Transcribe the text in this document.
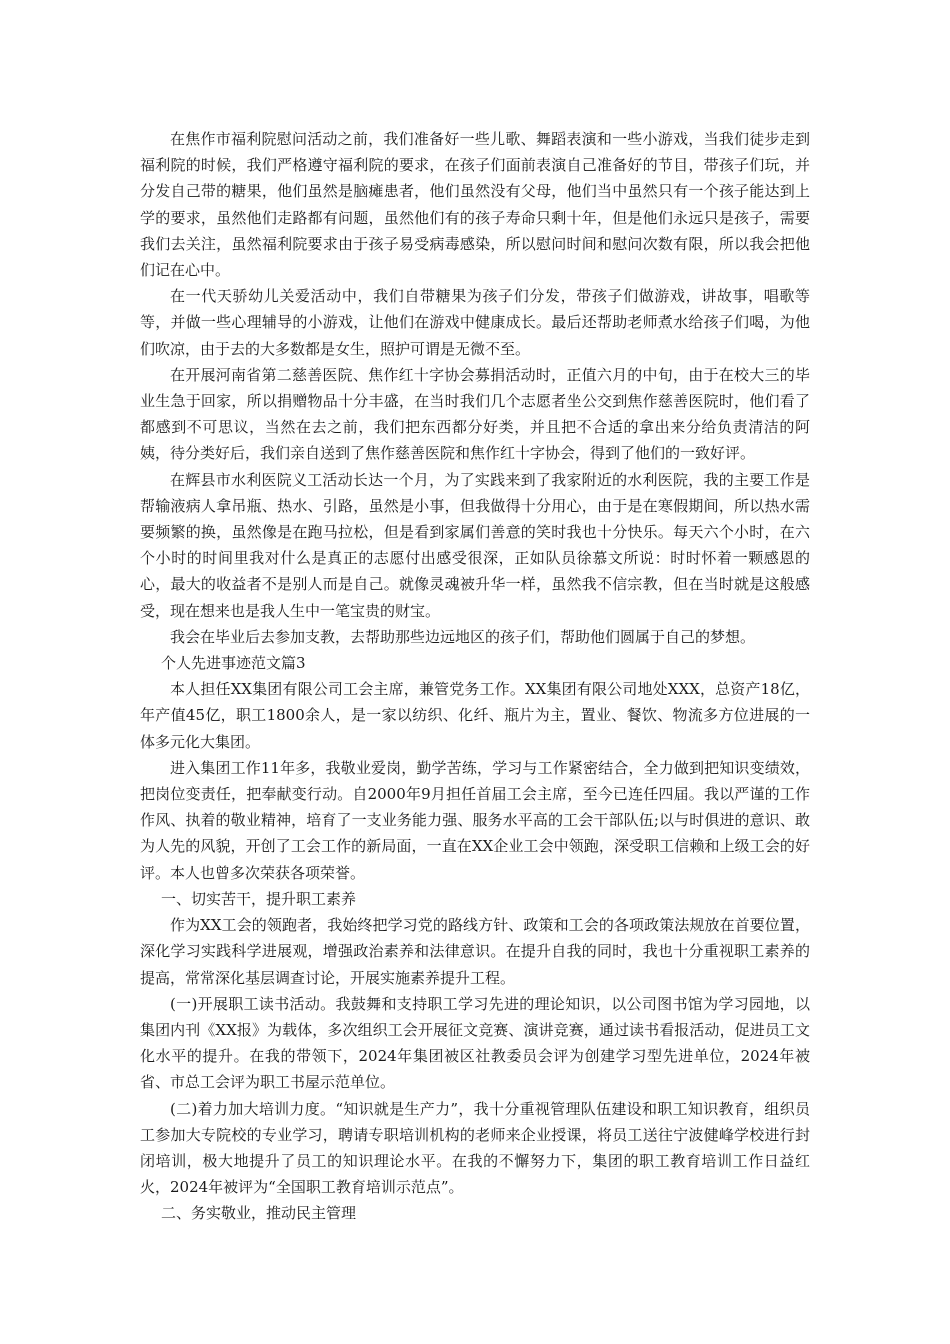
在焦作市福利院慰问活动之前，我们准备好一些儿歌、舞蹈表演和一些小游戏，当我们徒步走到福利院的时候，我们严格遵守福利院的要求，在孩子们面前表演自己准备好的节目，带孩子们玩，并分发自己带的糖果，他们虽然是脑瘫患者，他们虽然没有父母，他们当中虽然只有一个孩子能达到上学的要求，虽然他们走路都有问题，虽然他们有的孩子寿命只剩十年，但是他们永远只是孩子，需要我们去关注，虽然福利院要求由于孩子易受病毒感染，所以慰问时间和慰问次数有限，所以我会把他们记在心中。

在一代天骄幼儿关爱活动中，我们自带糖果为孩子们分发，带孩子们做游戏，讲故事，唱歌等等，并做一些心理辅导的小游戏，让他们在游戏中健康成长。最后还帮助老师煮水给孩子们喝，为他们吹凉，由于去的大多数都是女生，照护可谓是无微不至。

在开展河南省第二慈善医院、焦作红十字协会募捐活动时，正值六月的中旬，由于在校大三的毕业生急于回家，所以捐赠物品十分丰盛，在当时我们几个志愿者坐公交到焦作慈善医院时，他们看了都感到不可思议，当然在去之前，我们把东西都分好类，并且把不合适的拿出来分给负责清洁的阿姨，待分类好后，我们亲自送到了焦作慈善医院和焦作红十字协会，得到了他们的一致好评。

在辉县市水利医院义工活动长达一个月，为了实践来到了我家附近的水利医院，我的主要工作是帮输液病人拿吊瓶、热水、引路，虽然是小事，但我做得十分用心，由于是在寒假期间，所以热水需要频繁的换，虽然像是在跑马拉松，但是看到家属们善意的笑时我也十分快乐。每天六个小时，在六个小时的时间里我对什么是真正的志愿付出感受很深，正如队员徐慕文所说：时时怀着一颗感恩的心，最大的收益者不是别人而是自己。就像灵魂被升华一样，虽然我不信宗教，但在当时就是这般感受，现在想来也是我人生中一笔宝贵的财宝。

我会在毕业后去参加支教，去帮助那些边远地区的孩子们，帮助他们圆属于自己的梦想。

个人先进事迹范文篇3

本人担任XX集团有限公司工会主席，兼管党务工作。XX集团有限公司地处XXX，总资产18亿，年产值45亿，职工1800余人，是一家以纺织、化纤、瓶片为主，置业、餐饮、物流多方位进展的一体多元化大集团。

进入集团工作11年多，我敬业爱岗，勤学苦练，学习与工作紧密结合，全力做到把知识变绩效，把岗位变责任，把奉献变行动。自2000年9月担任首届工会主席，至今已连任四届。我以严谨的工作作风、执着的敬业精神，培育了一支业务能力强、服务水平高的工会干部队伍;以与时俱进的意识、敢为人先的风貌，开创了工会工作的新局面，一直在XX企业工会中领跑，深受职工信赖和上级工会的好评。本人也曾多次荣获各项荣誉。

一、切实苦干，提升职工素养

作为XX工会的领跑者，我始终把学习党的路线方针、政策和工会的各项政策法规放在首要位置，深化学习实践科学进展观，增强政治素养和法律意识。在提升自我的同时，我也十分重视职工素养的提高，常常深化基层调查讨论，开展实施素养提升工程。

(一)开展职工读书活动。我鼓舞和支持职工学习先进的理论知识，以公司图书馆为学习园地，以集团内刊《XX报》为载体，多次组织工会开展征文竞赛、演讲竞赛，通过读书看报活动，促进员工文化水平的提升。在我的带领下，2024年集团被区社教委员会评为创建学习型先进单位，2024年被省、市总工会评为职工书屋示范单位。

(二)着力加大培训力度。“知识就是生产力”，我十分重视管理队伍建设和职工知识教育，组织员工参加大专院校的专业学习，聘请专职培训机构的老师来企业授课，将员工送往宁波健峰学校进行封闭培训，极大地提升了员工的知识理论水平。在我的不懈努力下，集团的职工教育培训工作日益红火，2024年被评为“全国职工教育培训示范点”。

二、务实敬业，推动民主管理
